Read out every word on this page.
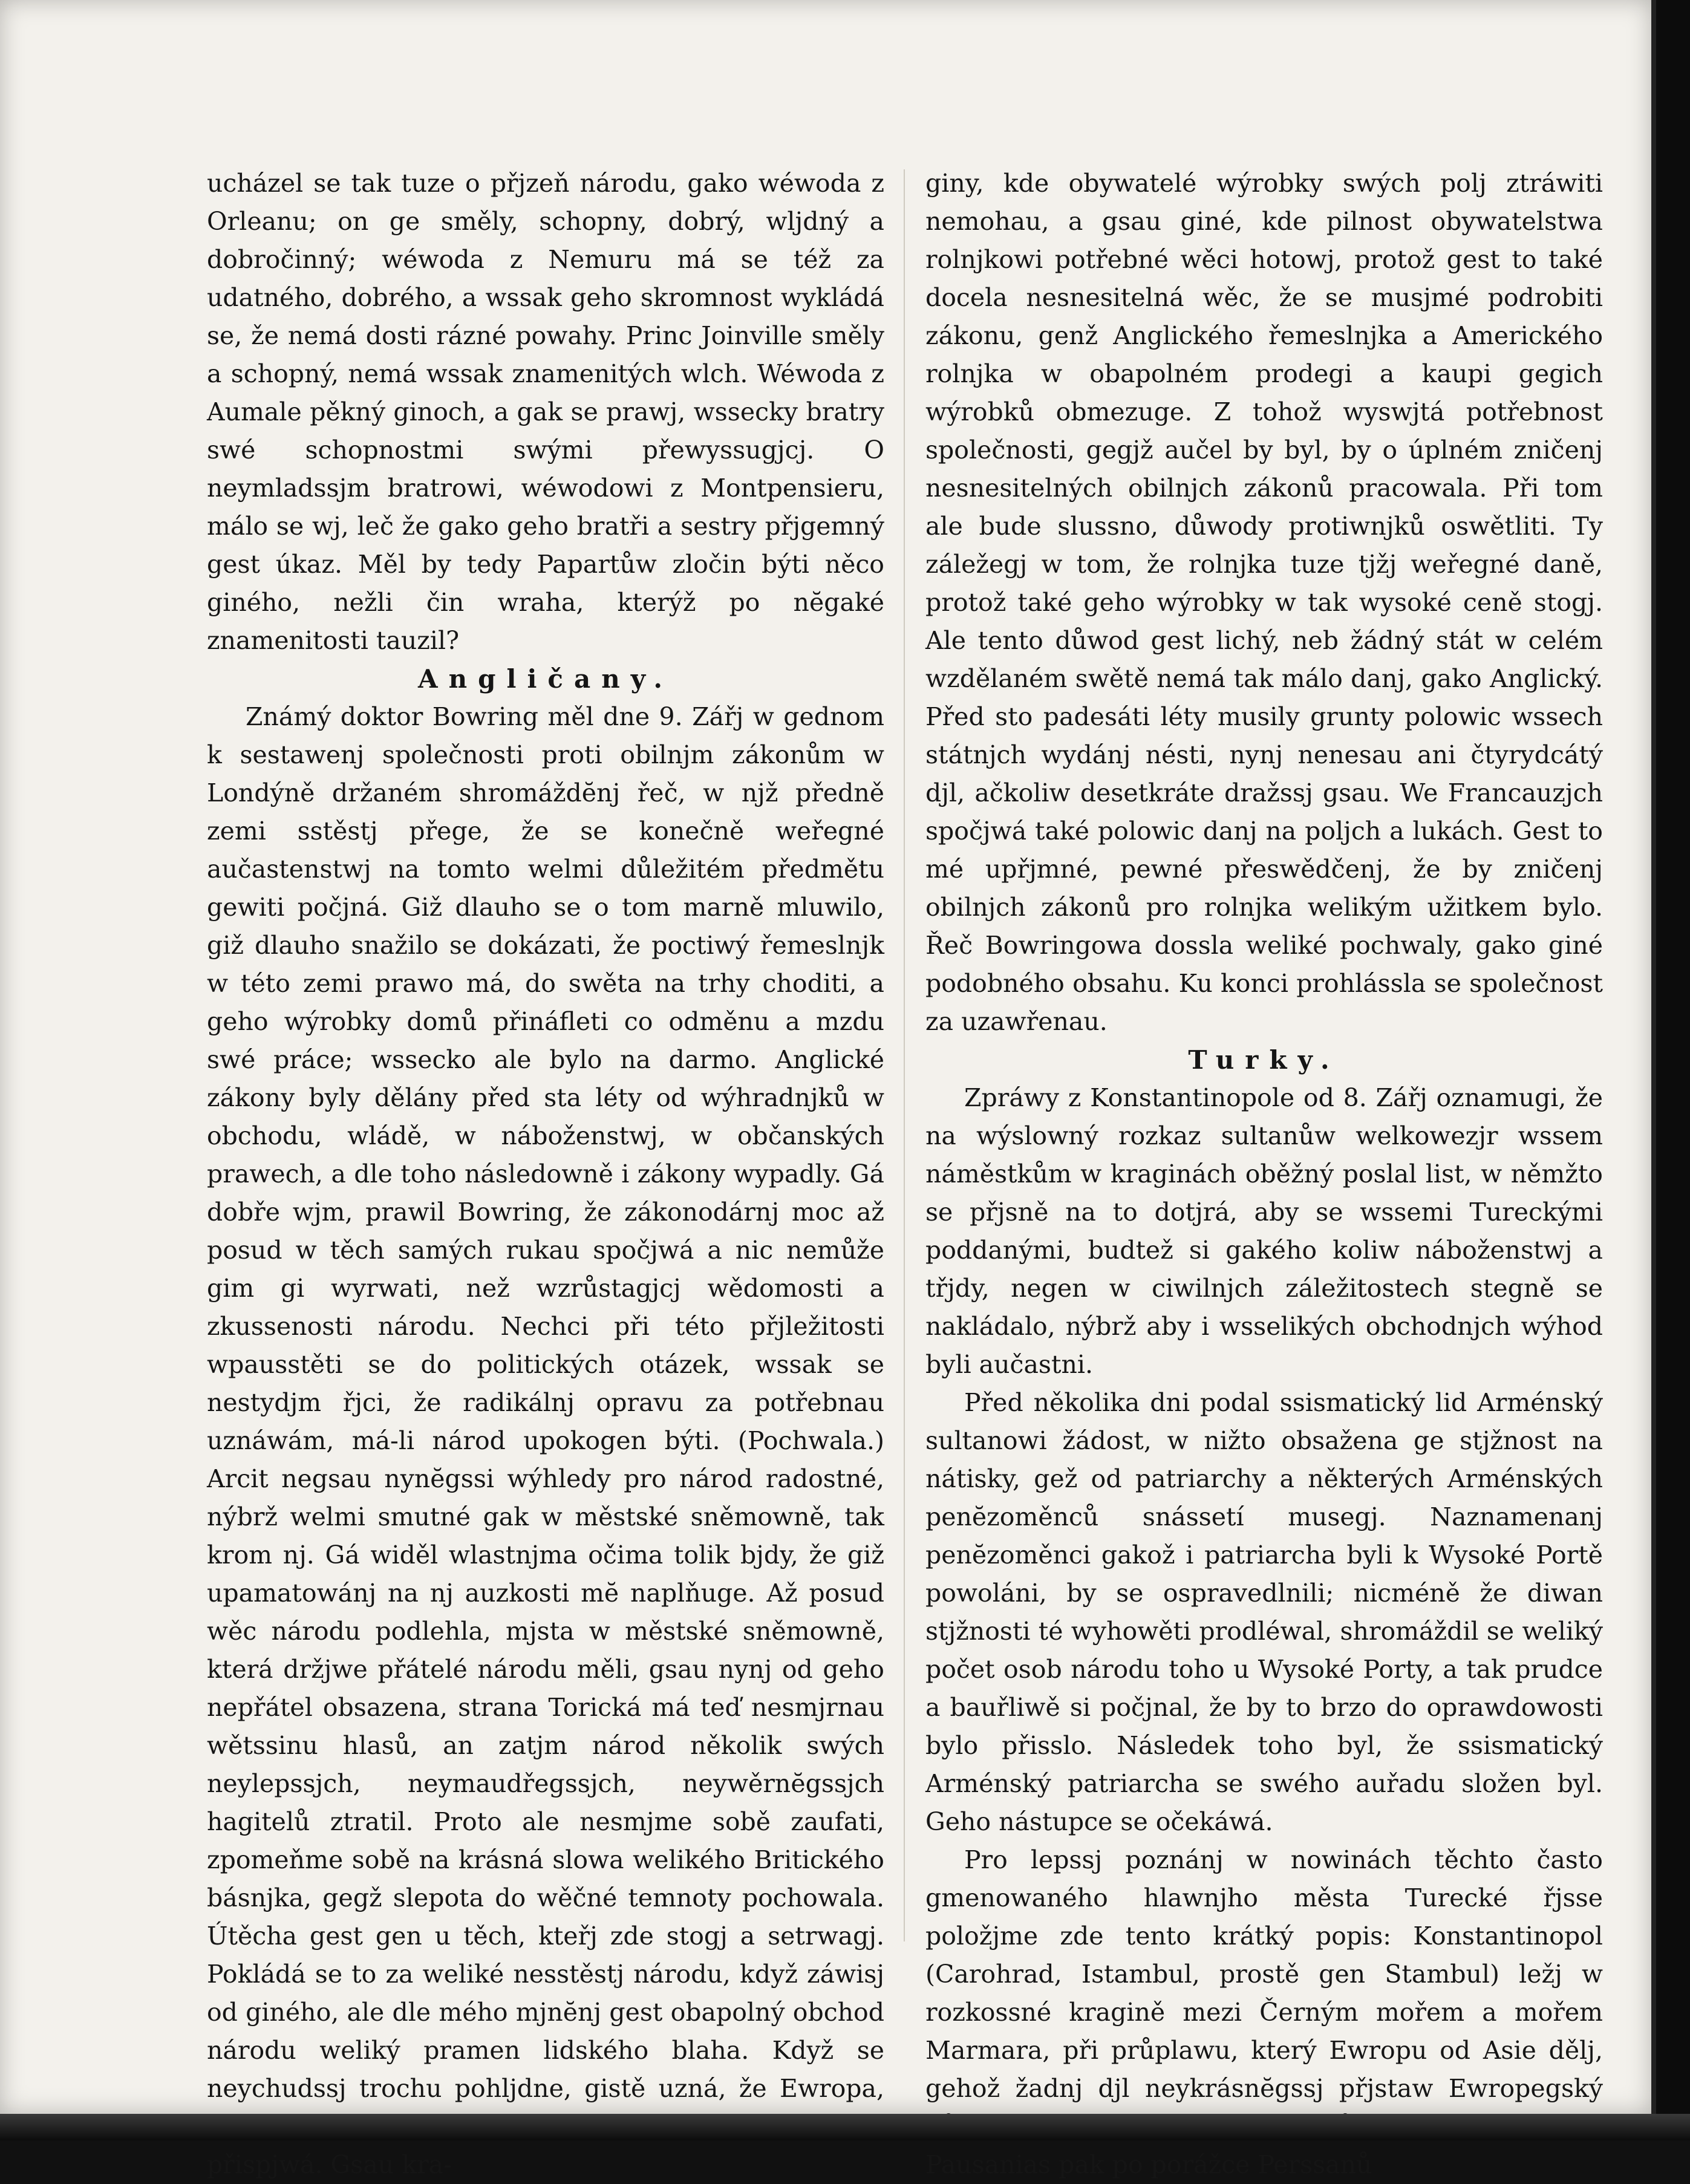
ucházel se tak tuze o přjzeň národu, gako wéwoda z Orleanu; on ge směly, schopny, dobrý, wljdný a dobročinný; wéwoda z Nemuru má se též za udatného, dobrého, a wssak geho skromnost wykládá se, že nemá dosti rázné powahy. Princ Joinville směly a schopný, nemá wssak znamenitých wlch. Wéwoda z Aumale pěkný ginoch, a gak se prawj, wssecky bratry swé schopnostmi swými přewyssugjcj. O neymladssjm bratrowi, wéwodowi z Montpensieru, málo se wj, leč že gako geho bratři a sestry přjgemný gest úkaz. Měl by tedy Papartůw zločin býti něco giného, nežli čin wraha, kterýž po nĕgaké znamenitosti tauzil?

Angličany.

Známý doktor Bowring měl dne 9. Zářj w gednom k sestawenj společnosti proti obilnjm zákonům w Londýně držaném shromáždĕnj řeč, w njž předně zemi sstěstj přege, že se konečně weřegné aučastenstwj na tomto welmi důležitém předmětu gewiti počjná. Giž dlauho se o tom marně mluwilo, giž dlauho snažilo se dokázati, že poctiwý řemeslnjk w této zemi prawo má, do swěta na trhy choditi, a geho wýrobky domů přináfleti co odměnu a mzdu swé práce; wssecko ale bylo na darmo. Anglické zákony byly dělány před sta léty od wýhradnjků w obchodu, wládě, w náboženstwj, w občanských prawech, a dle toho následowně i zákony wypadly. Gá dobře wjm, prawil Bowring, že zákonodárnj moc až posud w těch samých rukau spočjwá a nic nemůže gim gi wyrwati, než wzrůstagjcj wědomosti a zkussenosti národu. Nechci při této přjležitosti wpausstěti se do politických otázek, wssak se nestydjm řjci, že radikálnj opravu za potřebnau uznáwám, má-li národ upokogen býti. (Pochwala.) Arcit negsau nynĕgssi wýhledy pro národ radostné, nýbrž welmi smutné gak w městské sněmowně, tak krom nj. Gá widěl wlastnjma očima tolik bjdy, že giž upamatowánj na nj auzkosti mĕ naplňuge. Až posud wěc národu podlehla, mjsta w městské sněmowně, která držjwe přátelé národu měli, gsau nynj od geho nepřátel obsazena, strana Torická má teď nesmjrnau wětssinu hlasů, an zatjm národ několik swých neylepssjch, neymaudřegssjch, neywěrnĕgssjch hagitelů ztratil. Proto ale nesmjme sobě zaufati, zpomeňme sobě na krásná slowa welikého Britického básnjka, gegž slepota do wěčné temnoty pochowala. Útěcha gest gen u těch, kteřj zde stogj a setrwagj. Pokládá se to za weliké nesstěstj národu, když záwisj od giného, ale dle mého mjnĕnj gest obapolný obchod národu weliký pramen lidského blaha. Když se neychudssj trochu pohljdne, gistě uzná, že Ewropa, přispjwá. Gsau kra-

giny, kde obywatelé wýrobky swých polj ztráwiti nemohau, a gsau giné, kde pilnost obywatelstwa rolnjkowi potřebné wěci hotowj, protož gest to také docela nesnesitelná wěc, že se musjmé podrobiti zákonu, genž Anglického řemeslnjka a Amerického rolnjka w obapolném prodegi a kaupi gegich wýrobků obmezuge. Z tohož wyswjtá potřebnost společnosti, gegjž aučel by byl, by o úplném zničenj nesnesitelných obilnjch zákonů pracowala. Při tom ale bude slussno, důwody protiwnjků oswětliti. Ty záležegj w tom, že rolnjka tuze tjžj weřegné daně, protož také geho wýrobky w tak wysoké ceně stogj. Ale tento důwod gest lichý, neb žádný stát w celém wzdělaném swětě nemá tak málo danj, gako Anglický. Před sto padesáti léty musily grunty polowic wssech státnjch wydánj nésti, nynj nenesau ani čtyrydcátý djl, ačkoliw desetkráte dražssj gsau. We Francauzjch spočjwá také polowic danj na poljch a lukách. Gest to mé upřjmné, pewné přeswědčenj, že by zničenj obilnjch zákonů pro rolnjka welikým užitkem bylo. Řeč Bowringowa dossla weliké pochwaly, gako giné podobného obsahu. Ku konci prohlássla se společnost za uzawřenau.

Turky.

Zpráwy z Konstantinopole od 8. Zářj oznamugi, že na wýslowný rozkaz sultanůw welkowezjr wssem náměstkům w kraginách oběžný poslal list, w němžto se přjsně na to dotjrá, aby se wssemi Tureckými poddanými, budtež si gakého koliw náboženstwj a třjdy, negen w ciwilnjch záležitostech stegně se nakládalo, nýbrž aby i wsselikých obchodnjch wýhod byli aučastni.

Před několika dni podal ssismatický lid Arménský sultanowi žádost, w nižto obsažena ge stjžnost na nátisky, gež od patriarchy a některých Arménských penĕzoměnců snássetí musegj. Naznamenanj penĕzoměnci gakož i patriarcha byli k Wysoké Portě powoláni, by se ospravedlnili; nicméně že diwan stjžnosti té wyhowěti prodléwal, shromáždil se weliký počet osob národu toho u Wysoké Porty, a tak prudce a bauřliwě si počjnal, že by to brzo do oprawdowosti bylo přisslo. Následek toho byl, že ssismatický Arménský patriarcha se swého auřadu složen byl. Geho nástupce se očekáwá.

Pro lepssj poznánj w nowinách těchto často gmenowaného hlawnjho města Turecké řjsse položjme zde tento krátký popis: Konstantinopol (Carohrad, Istambul, prostě gen Stambul) ležj w rozkossné kragině mezi Černým mořem a mořem Marmara, při průplawu, který Ewropu od Asie dělj, gehož žadnj djl neykrásnĕgssj přjstaw Ewropegský Pausanias pak po porážce Perssanů
